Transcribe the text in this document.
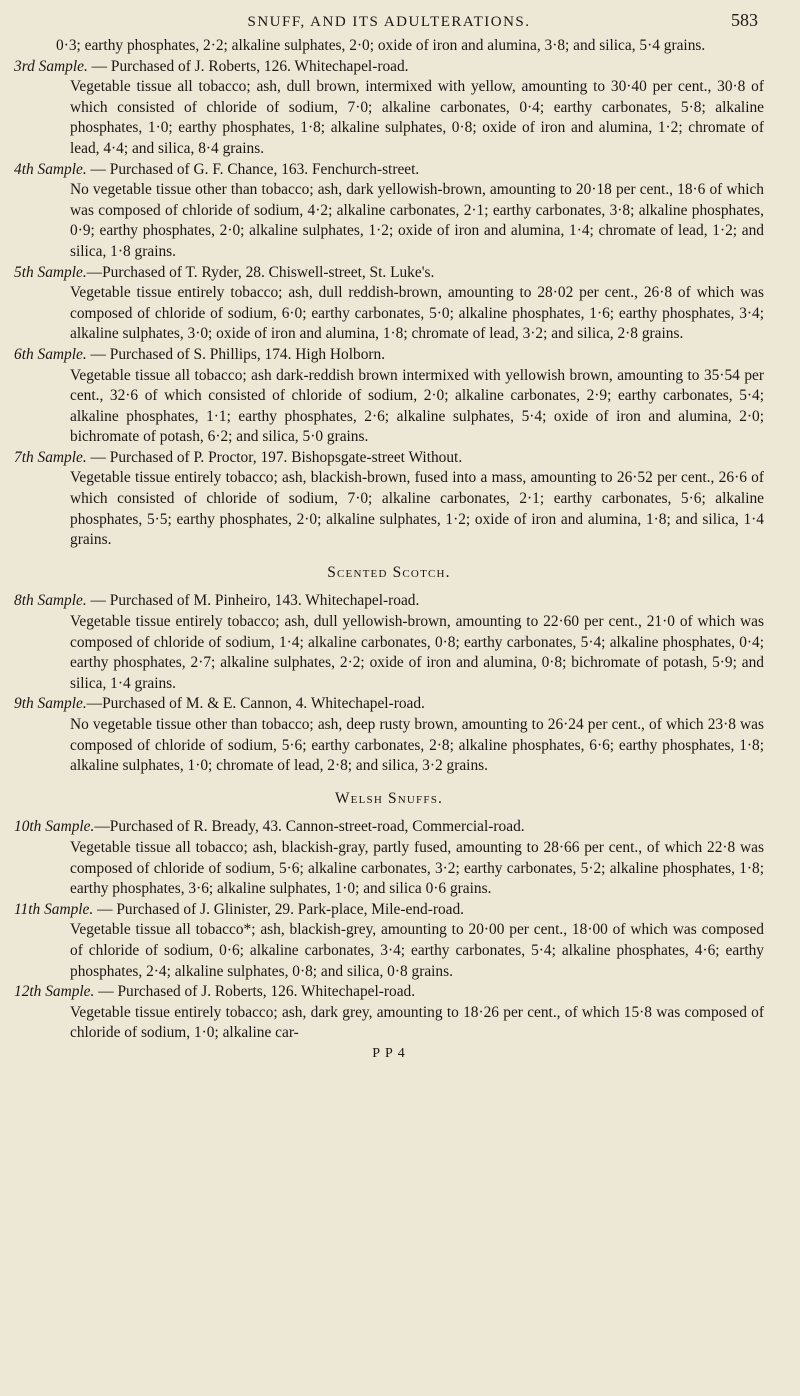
SNUFF, AND ITS ADULTERATIONS.	583

0·3; earthy phosphates, 2·2; alkaline sulphates, 2·0; oxide of iron and alumina, 3·8; and silica, 5·4 grains.

3rd Sample. — Purchased of J. Roberts, 126. Whitechapel-road.

Vegetable tissue all tobacco; ash, dull brown, intermixed with yellow, amounting to 30·40 per cent., 30·8 of which consisted of chloride of sodium, 7·0; alkaline carbonates, 0·4; earthy carbonates, 5·8; alkaline phosphates, 1·0; earthy phosphates, 1·8; alkaline sulphates, 0·8; oxide of iron and alumina, 1·2; chromate of lead, 4·4; and silica, 8·4 grains.

4th Sample. — Purchased of G. F. Chance, 163. Fenchurch-street.

No vegetable tissue other than tobacco; ash, dark yellowish-brown, amounting to 20·18 per cent., 18·6 of which was composed of chloride of sodium, 4·2; alkaline carbonates, 2·1; earthy carbonates, 3·8; alkaline phosphates, 0·9; earthy phosphates, 2·0; alkaline sulphates, 1·2; oxide of iron and alumina, 1·4; chromate of lead, 1·2; and silica, 1·8 grains.

5th Sample.—Purchased of T. Ryder, 28. Chiswell-street, St. Luke's.

Vegetable tissue entirely tobacco; ash, dull reddish-brown, amounting to 28·02 per cent., 26·8 of which was composed of chloride of sodium, 6·0; earthy carbonates, 5·0; alkaline phosphates, 1·6; earthy phosphates, 3·4; alkaline sulphates, 3·0; oxide of iron and alumina, 1·8; chromate of lead, 3·2; and silica, 2·8 grains.

6th Sample. — Purchased of S. Phillips, 174. High Holborn.

Vegetable tissue all tobacco; ash dark-reddish brown intermixed with yellowish brown, amounting to 35·54 per cent., 32·6 of which consisted of chloride of sodium, 2·0; alkaline carbonates, 2·9; earthy carbonates, 5·4; alkaline phosphates, 1·1; earthy phosphates, 2·6; alkaline sulphates, 5·4; oxide of iron and alumina, 2·0; bichromate of potash, 6·2; and silica, 5·0 grains.

7th Sample. — Purchased of P. Proctor, 197. Bishopsgate-street Without.

Vegetable tissue entirely tobacco; ash, blackish-brown, fused into a mass, amounting to 26·52 per cent., 26·6 of which consisted of chloride of sodium, 7·0; alkaline carbonates, 2·1; earthy carbonates, 5·6; alkaline phosphates, 5·5; earthy phosphates, 2·0; alkaline sulphates, 1·2; oxide of iron and alumina, 1·8; and silica, 1·4 grains.

Scented Scotch.

8th Sample. — Purchased of M. Pinheiro, 143. Whitechapel-road.

Vegetable tissue entirely tobacco; ash, dull yellowish-brown, amounting to 22·60 per cent., 21·0 of which was composed of chloride of sodium, 1·4; alkaline carbonates, 0·8; earthy carbonates, 5·4; alkaline phosphates, 0·4; earthy phosphates, 2·7; alkaline sulphates, 2·2; oxide of iron and alumina, 0·8; bichromate of potash, 5·9; and silica, 1·4 grains.

9th Sample.—Purchased of M. & E. Cannon, 4. Whitechapel-road.

No vegetable tissue other than tobacco; ash, deep rusty brown, amounting to 26·24 per cent., of which 23·8 was composed of chloride of sodium, 5·6; earthy carbonates, 2·8; alkaline phosphates, 6·6; earthy phosphates, 1·8; alkaline sulphates, 1·0; chromate of lead, 2·8; and silica, 3·2 grains.

Welsh Snuffs.

10th Sample.—Purchased of R. Bready, 43. Cannon-street-road, Commercial-road.

Vegetable tissue all tobacco; ash, blackish-gray, partly fused, amounting to 28·66 per cent., of which 22·8 was composed of chloride of sodium, 5·6; alkaline carbonates, 3·2; earthy carbonates, 5·2; alkaline phosphates, 1·8; earthy phosphates, 3·6; alkaline sulphates, 1·0; and silica 0·6 grains.

11th Sample. — Purchased of J. Glinister, 29. Park-place, Mile-end-road.

Vegetable tissue all tobacco*; ash, blackish-grey, amounting to 20·00 per cent., 18·00 of which was composed of chloride of sodium, 0·6; alkaline carbonates, 3·4; earthy carbonates, 5·4; alkaline phosphates, 4·6; earthy phosphates, 2·4; alkaline sulphates, 0·8; and silica, 0·8 grains.

12th Sample. — Purchased of J. Roberts, 126. Whitechapel-road.

Vegetable tissue entirely tobacco; ash, dark grey, amounting to 18·26 per cent., of which 15·8 was composed of chloride of sodium, 1·0; alkaline car-

P P 4
